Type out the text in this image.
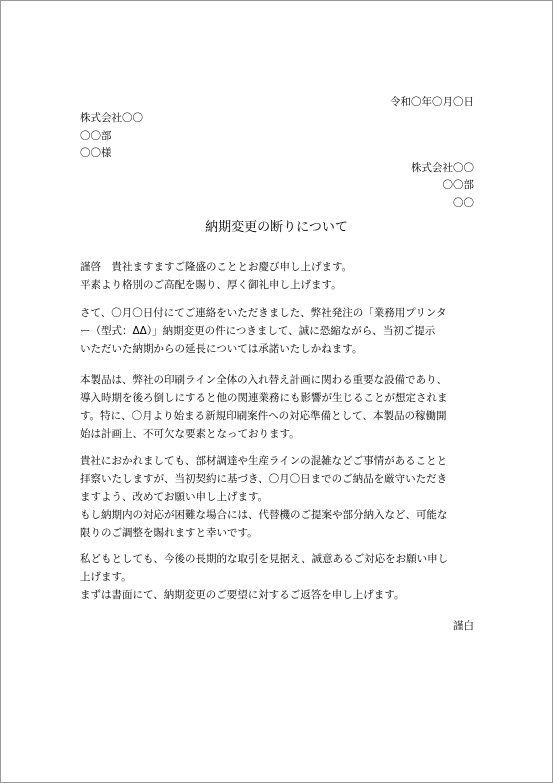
令和〇年〇月〇日
株式会社〇〇
〇〇部
〇〇様
株式会社〇〇
〇〇部
〇〇
納期変更の断りについて
謹啓　貴社ますますご隆盛のこととお慶び申し上げます。
平素より格別のご高配を賜り、厚く御礼申し上げます。
さて、〇月〇日付にてご連絡をいただきました、弊社発注の「業務用プリンタ
ー（型式：ΔΔ）」納期変更の件につきまして、誠に恐縮ながら、当初ご提示
いただいた納期からの延長については承諾いたしかねます。
本製品は、弊社の印刷ライン全体の入れ替え計画に関わる重要な設備であり、
導入時期を後ろ倒しにすると他の関連業務にも影響が生じることが想定されま
す。特に、〇月より始まる新規印刷案件への対応準備として、本製品の稼働開
始は計画上、不可欠な要素となっております。
貴社におかれましても、部材調達や生産ラインの混雑などご事情があることと
拝察いたしますが、当初契約に基づき、〇月〇日までのご納品を厳守いただき
ますよう、改めてお願い申し上げます。
もし納期内の対応が困難な場合には、代替機のご提案や部分納入など、可能な
限りのご調整を賜れますと幸いです。
私どもとしても、今後の長期的な取引を見据え、誠意あるご対応をお願い申し
上げます。
まずは書面にて、納期変更のご要望に対するご返答を申し上げます。
謹白
